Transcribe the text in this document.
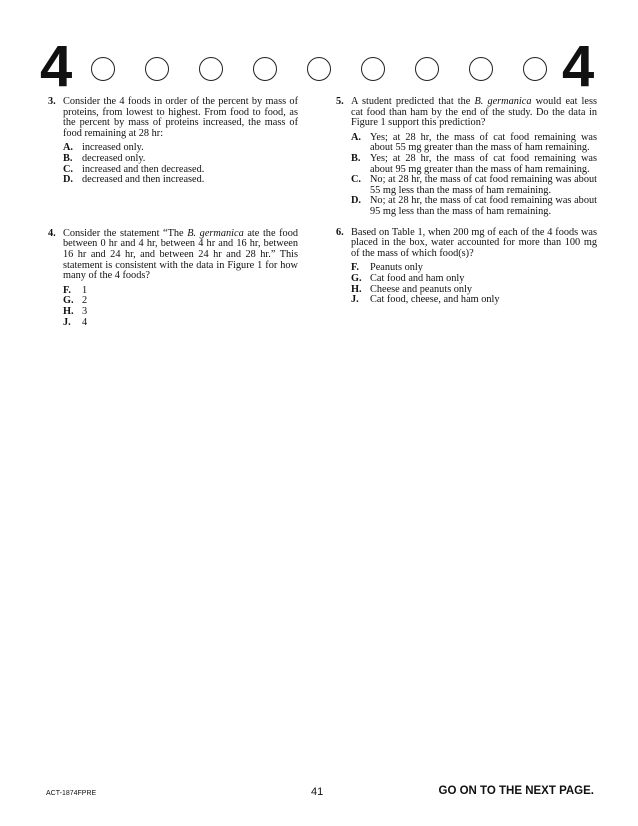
4	4
3. Consider the 4 foods in order of the percent by mass of proteins, from lowest to highest. From food to food, as the percent by mass of proteins increased, the mass of food remaining at 28 hr:
A. increased only.
B. decreased only.
C. increased and then decreased.
D. decreased and then increased.
4. Consider the statement “The B. germanica ate the food between 0 hr and 4 hr, between 4 hr and 16 hr, between 16 hr and 24 hr, and between 24 hr and 28 hr.” This statement is consistent with the data in Figure 1 for how many of the 4 foods?
F.	1
G. 2
H. 3
J.	4
5. A student predicted that the B. germanica would eat less cat food than ham by the end of the study. Do the data in Figure 1 support this prediction?
A. Yes; at 28 hr, the mass of cat food remaining was about 55 mg greater than the mass of ham remaining.
B. Yes; at 28 hr, the mass of cat food remaining was about 95 mg greater than the mass of ham remaining.
C. No; at 28 hr, the mass of cat food remaining was about 55 mg less than the mass of ham remaining.
D. No; at 28 hr, the mass of cat food remaining was about 95 mg less than the mass of ham remaining.
6. Based on Table 1, when 200 mg of each of the 4 foods was placed in the box, water accounted for more than 100 mg of the mass of which food(s)?
F.	Peanuts only
G. Cat food and ham only
H. Cheese and peanuts only
J.	Cat food, cheese, and ham only
ACT-1874FPRE	41	GO ON TO THE NEXT PAGE.
